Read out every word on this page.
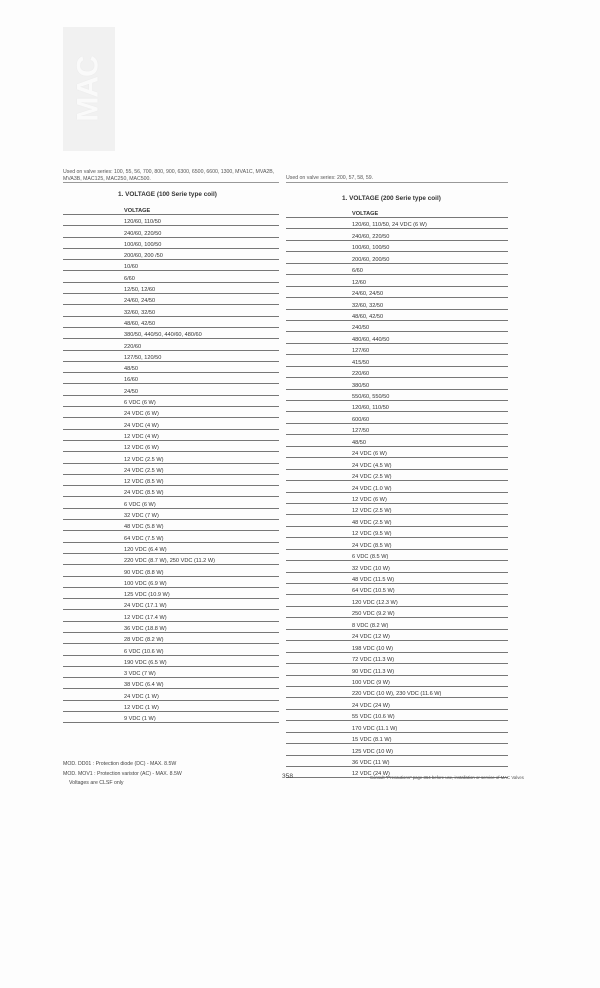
MAC
Used on valve series: 100, 55, 56, 700, 800, 900, 6300, 6500, 6600, 1300, MVA1C, MVA2B, MVA3B, MAC125, MAC250, MAC500.	Used on valve series: 200, 57, 58, 59.
1. VOLTAGE (100 Serie type coil)
1. VOLTAGE (200 Serie type coil)
VOLTAGE
120/60, 110/50
240/60, 220/50
100/60, 100/50
200/60, 200 /50
10/60
6/60
12/50, 12/60
24/60, 24/50
32/60, 32/50
48/60, 42/50
380/50, 440/50, 440/60, 480/60
220/60
127/50, 120/50
48/50
16/60
24/50
6 VDC (6 W)
24 VDC (6 W)
24 VDC (4 W)
12 VDC (4 W)
12 VDC (6 W)
12 VDC (2.5 W)
24 VDC (2.5 W)
12 VDC (8.5 W)
24 VDC (8.5 W)
6 VDC (6 W)
32 VDC (7 W)
48 VDC (5.8 W)
64 VDC (7.5 W)
120 VDC (6.4 W)
220 VDC (8.7 W), 250 VDC (11.2 W)
90 VDC (8.8 W)
100 VDC (6.9 W)
125 VDC (10.9 W)
24 VDC (17.1 W)
12 VDC (17.4 W)
36 VDC (18.8 W)
28 VDC (8.2 W)
6 VDC (10.6 W)
190 VDC (6.5 W)
3 VDC (7 W)
38 VDC (6.4 W)
24 VDC (1 W)
12 VDC (1 W)
9 VDC (1 W)
VOLTAGE
120/60, 110/50, 24 VDC (6 W)
240/60, 220/50
100/60, 100/50
200/60, 200/50
6/60
12/60
24/60, 24/50
32/60, 32/50
48/60, 42/50
240/50
480/60, 440/50
127/60
415/50
220/60
380/50
550/60, 550/50
120/60, 110/50
600/60
127/50
48/50
24 VDC (6 W)
24 VDC (4.5 W)
24 VDC (2.5 W)
24 VDC (1.0 W)
12 VDC (6 W)
12 VDC (2.5 W)
48 VDC (2.5 W)
12 VDC (9.5 W)
24 VDC (8.5 W)
6 VDC (8.5 W)
32 VDC (10 W)
48 VDC (11.5 W)
64 VDC (10.5 W)
120 VDC (12.3 W)
250 VDC (9.2 W)
8 VDC (8.2 W)
24 VDC (12 W)
198 VDC (10 W)
72 VDC (11.3 W)
90 VDC (11.3 W)
100 VDC (9 W)
220 VDC (10 W), 230 VDC (11.6 W)
24 VDC (24 W)
55 VDC (10.6 W)
170 VDC (11.1 W)
15 VDC (8.1 W)
125 VDC (10 W)
36 VDC (11 W)
12 VDC (24 W)
MOD. DD01 : Protection diode (DC) - MAX. 8.5W
MOD. MOV1 : Protection varistor (AC) - MAX. 8.5W
Voltages are CLSF only
358	Consult "Precautions" page 364 before use, installation or service of MAC Valves
